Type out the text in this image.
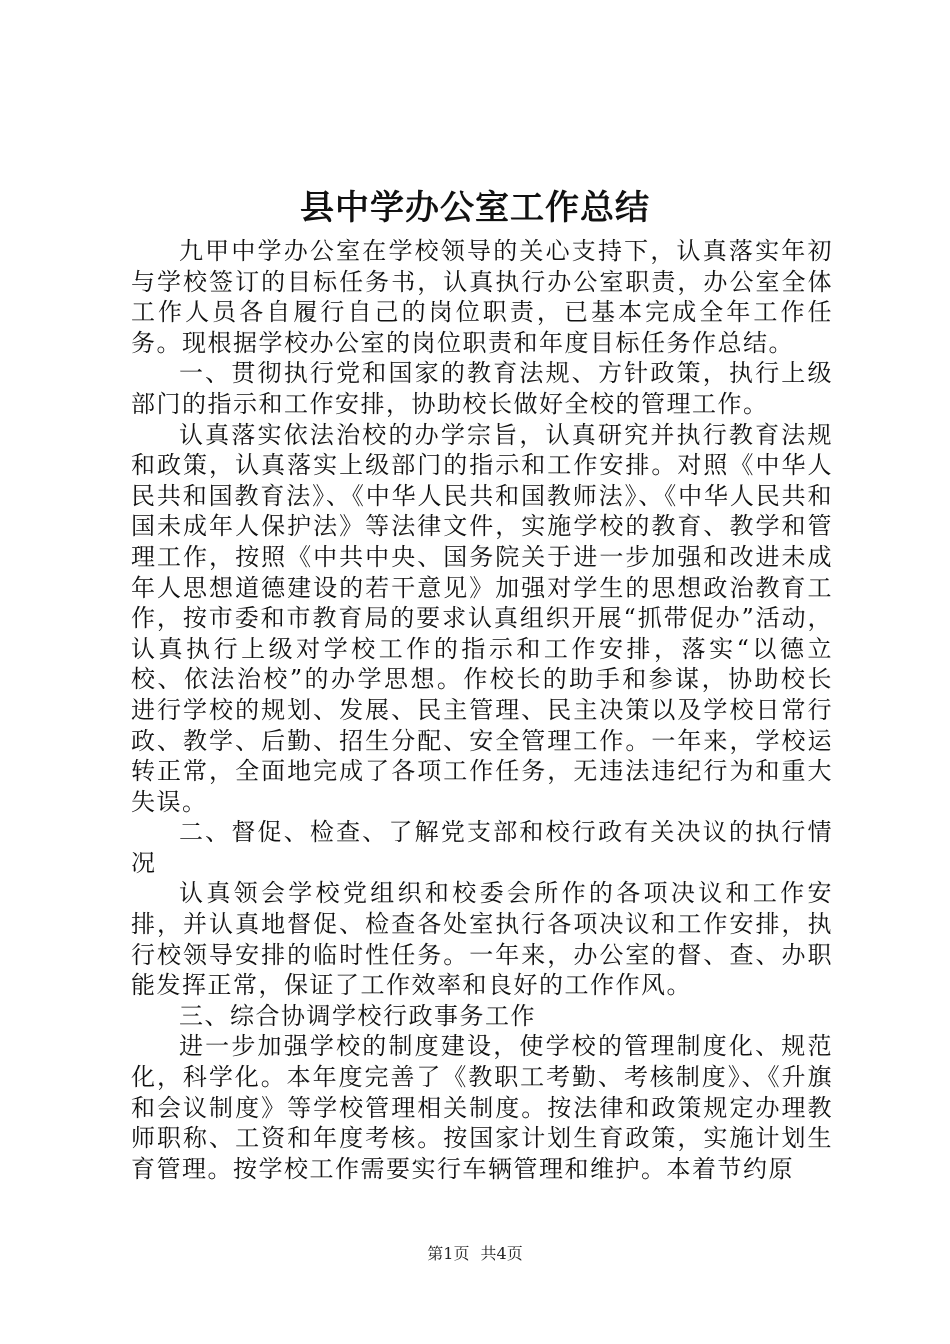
县中学办公室工作总结

九甲中学办公室在学校领导的关心支持下，认真落实年初与学校签订的目标任务书，认真执行办公室职责，办公室全体工作人员各自履行自己的岗位职责，已基本完成全年工作任务。现根据学校办公室的岗位职责和年度目标任务作总结。

一、贯彻执行党和国家的教育法规、方针政策，执行上级部门的指示和工作安排，协助校长做好全校的管理工作。

认真落实依法治校的办学宗旨，认真研究并执行教育法规和政策，认真落实上级部门的指示和工作安排。对照《中华人民共和国教育法》、《中华人民共和国教师法》、《中华人民共和国未成年人保护法》等法律文件，实施学校的教育、教学和管理工作，按照《中共中央、国务院关于进一步加强和改进未成年人思想道德建设的若干意见》加强对学生的思想政治教育工作，按市委和市教育局的要求认真组织开展“抓带促办”活动，认真执行上级对学校工作的指示和工作安排，落实“以德立校、依法治校”的办学思想。作校长的助手和参谋，协助校长进行学校的规划、发展、民主管理、民主决策以及学校日常行政、教学、后勤、招生分配、安全管理工作。一年来，学校运转正常，全面地完成了各项工作任务，无违法违纪行为和重大失误。

二、督促、检查、了解党支部和校行政有关决议的执行情况

认真领会学校党组织和校委会所作的各项决议和工作安排，并认真地督促、检查各处室执行各项决议和工作安排，执行校领导安排的临时性任务。一年来，办公室的督、查、办职能发挥正常，保证了工作效率和良好的工作作风。

三、综合协调学校行政事务工作

进一步加强学校的制度建设，使学校的管理制度化、规范化，科学化。本年度完善了《教职工考勤、考核制度》、《升旗和会议制度》等学校管理相关制度。按法律和政策规定办理教师职称、工资和年度考核。按国家计划生育政策，实施计划生育管理。按学校工作需要实行车辆管理和维护。本着节约原

第1页 共4页
